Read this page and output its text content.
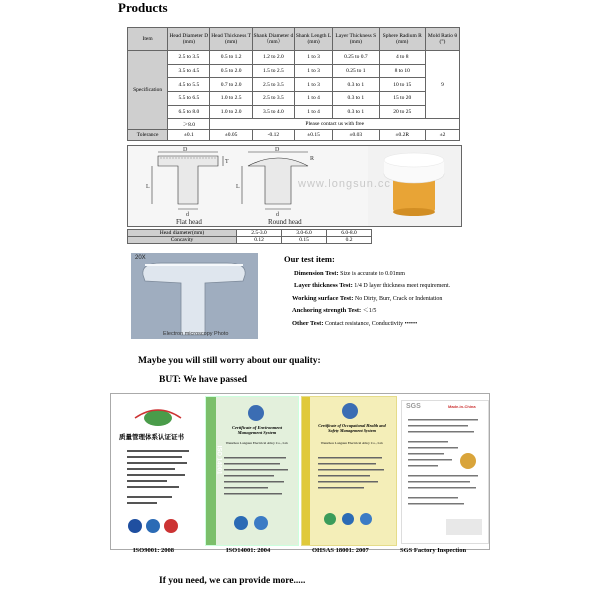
Products
Item	Head Diameter D (mm)	Head Thickness T (mm)	Shank Diameter d（mm）	Shank Length L (mm)	Layer Thickness S (mm)	Sphere Radium R (mm)	Mold Ratio θ (°)
Specification	2.5 to 3.5	0.5 to 1.2	1.2 to 2.0	1 to 3	0.25 to 0.7	4 to 8	9
	3.5 to 4.5	0.5 to 2.0	1.5 to 2.5	1 to 3	0.25 to 1	8 to 10	
	4.5 to 5.5	0.7 to 2.0	2.5 to 3.5	1 to 3	0.3 to 1	10 to 15	
	5.5 to 6.5	1.0 to 2.5	2.5 to 3.5	1 to 4	0.3 to 1	15 to 20	
	6.5 to 8.0	1.0 to 2.0	3.5 to 4.0	1 to 4	0.3 to 1	20 to 25	
	＞8.0	Please contact us with free					
Tolerance	±0.1	±0.05	-0.12	±0.15	±0.03	±0.2R	±2
D
d
L
T
D
d
L
R
Flat head	Round head
www.longsun.cc
Head diameter(mm)	2.5-3.0	3.0-6.0	6.0-8.0
Concavity	0.12	0.15	0.2
20X
Electron microscopy Photo
Our test item:
Dimension Test: Size is accurate to 0.01mm
Layer thickness Test: 1/4 D layer thickness meet requirement.
Working surface Test: No Dirty, Burr, Crack or Indentation
Anchoring strength Test: ＜1/5
Other Test: Contact resistance, Conductivity ••••••
Maybe you will still worry about our quality:
BUT: We have passed
质量管理体系认证证书
ISO 14001
Certificate of Environment Management System
Wenzhou Longsun Electrical Alloy Co., Ltd.
Certificate of Occupational Health and Safety Management System
Wenzhou Longsun Electrical Alloy Co., Ltd.
SGS	Made-in-China
ISO9001: 2008	ISO14001: 2004	OHSAS 18001: 2007	SGS Factory Inspection
If you need, we can provide more.....
